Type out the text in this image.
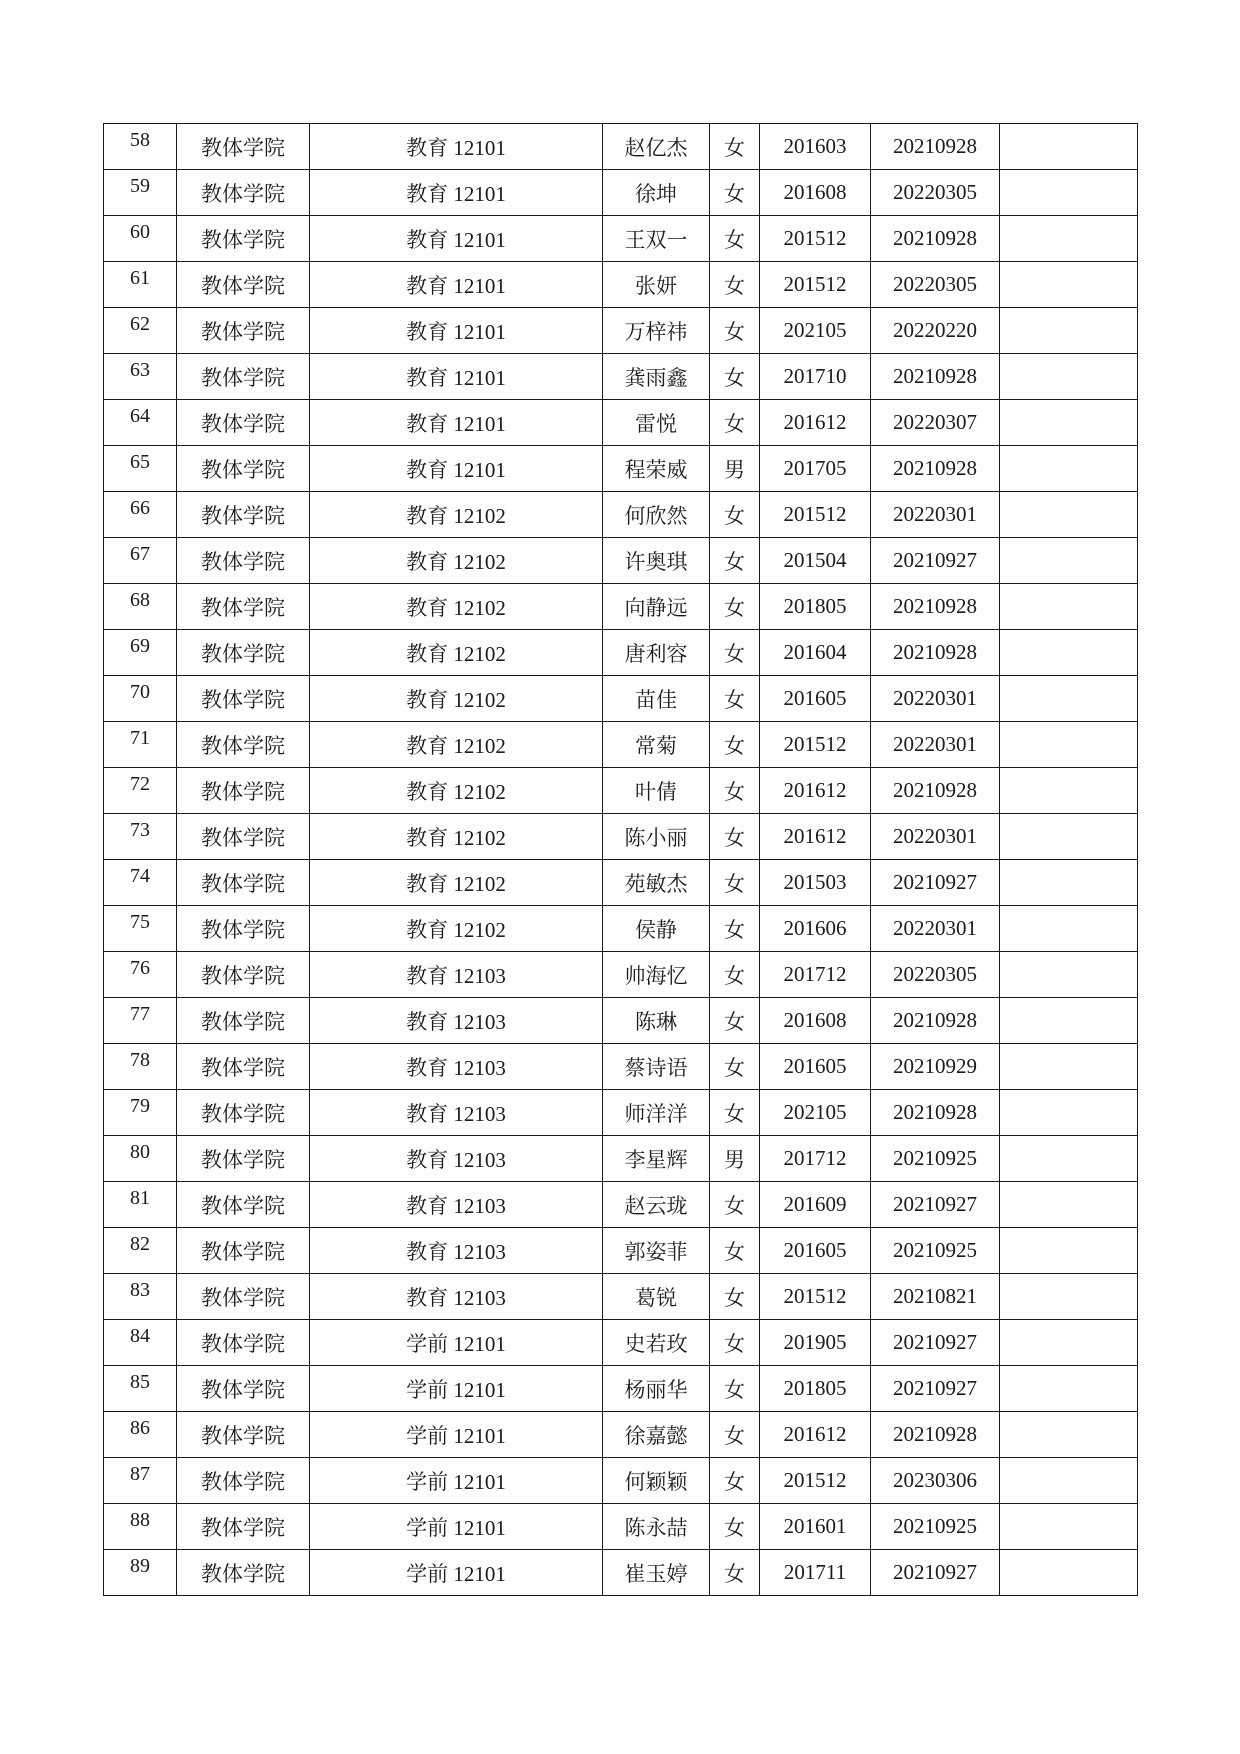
58	教体学院	教育 12101	赵亿杰	女	201603	20210928	
59	教体学院	教育 12101	徐坤	女	201608	20220305	
60	教体学院	教育 12101	王双一	女	201512	20210928	
61	教体学院	教育 12101	张妍	女	201512	20220305	
62	教体学院	教育 12101	万梓祎	女	202105	20220220	
63	教体学院	教育 12101	龚雨鑫	女	201710	20210928	
64	教体学院	教育 12101	雷悦	女	201612	20220307	
65	教体学院	教育 12101	程荣威	男	201705	20210928	
66	教体学院	教育 12102	何欣然	女	201512	20220301	
67	教体学院	教育 12102	许奥琪	女	201504	20210927	
68	教体学院	教育 12102	向静远	女	201805	20210928	
69	教体学院	教育 12102	唐利容	女	201604	20210928	
70	教体学院	教育 12102	苗佳	女	201605	20220301	
71	教体学院	教育 12102	常菊	女	201512	20220301	
72	教体学院	教育 12102	叶倩	女	201612	20210928	
73	教体学院	教育 12102	陈小丽	女	201612	20220301	
74	教体学院	教育 12102	苑敏杰	女	201503	20210927	
75	教体学院	教育 12102	侯静	女	201606	20220301	
76	教体学院	教育 12103	帅海忆	女	201712	20220305	
77	教体学院	教育 12103	陈琳	女	201608	20210928	
78	教体学院	教育 12103	蔡诗语	女	201605	20210929	
79	教体学院	教育 12103	师洋洋	女	202105	20210928	
80	教体学院	教育 12103	李星辉	男	201712	20210925	
81	教体学院	教育 12103	赵云珑	女	201609	20210927	
82	教体学院	教育 12103	郭姿菲	女	201605	20210925	
83	教体学院	教育 12103	葛锐	女	201512	20210821	
84	教体学院	学前 12101	史若玫	女	201905	20210927	
85	教体学院	学前 12101	杨丽华	女	201805	20210927	
86	教体学院	学前 12101	徐嘉懿	女	201612	20210928	
87	教体学院	学前 12101	何颖颖	女	201512	20230306	
88	教体学院	学前 12101	陈永喆	女	201601	20210925	
89	教体学院	学前 12101	崔玉婷	女	201711	20210927	
